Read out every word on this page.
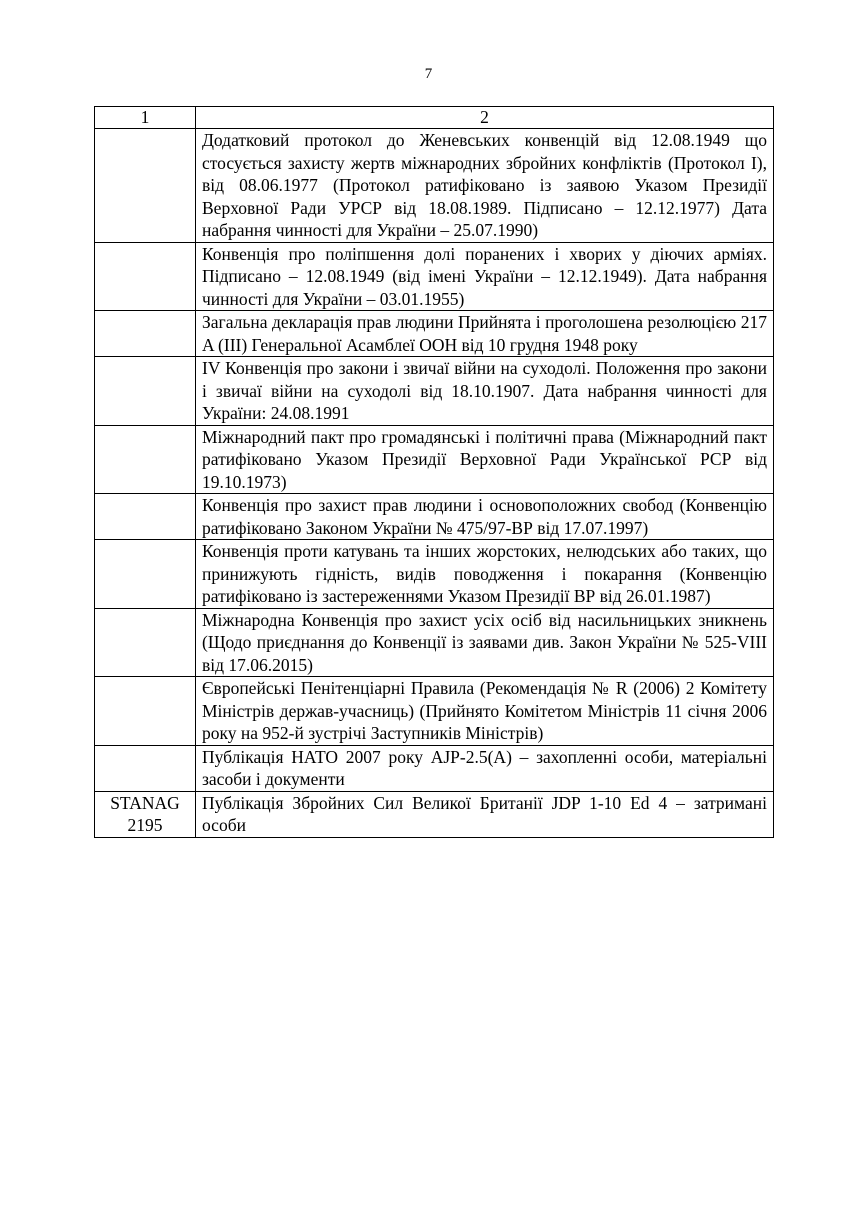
7
1	2
	Додатковий протокол до Женевських конвенцій від 12.08.1949 що стосується захисту жертв міжнародних збройних конфліктів (Протокол I), від 08.06.1977 (Протокол ратифіковано із заявою Указом Президії Верховної Ради УРСР від 18.08.1989. Підписано – 12.12.1977) Дата набрання чинності для України – 25.07.1990)
	Конвенція про поліпшення долі поранених і хворих у діючих арміях. Підписано – 12.08.1949 (від імені України – 12.12.1949). Дата набрання чинності для України – 03.01.1955)
	Загальна декларація прав людини Прийнята і проголошена резолюцією 217 A (III) Генеральної Асамблеї ООН від 10 грудня 1948 року
	IV Конвенція про закони і звичаї війни на суходолі. Положення про закони і звичаї війни на суходолі від 18.10.1907. Дата набрання чинності для України: 24.08.1991
	Міжнародний пакт про громадянські і політичні права (Міжнародний пакт ратифіковано Указом Президії Верховної Ради Української РСР від 19.10.1973)
	Конвенція про захист прав людини і основоположних свобод (Конвенцію ратифіковано Законом України № 475/97-ВР від 17.07.1997)
	Конвенція проти катувань та інших жорстоких, нелюдських або таких, що принижують гідність, видів поводження і покарання (Конвенцію ратифіковано із застереженнями Указом Президії ВР від 26.01.1987)
	Міжнародна Конвенція про захист усіх осіб від насильницьких зникнень (Щодо приєднання до Конвенції із заявами див. Закон України № 525-VIII від 17.06.2015)
	Європейські Пенітенціарні Правила (Рекомендація № R (2006) 2 Комітету Міністрів держав-учасниць) (Прийнято Комітетом Міністрів 11 січня 2006 року на 952-й зустрічі Заступників Міністрів)
	Публікація НАТО 2007 року AJP-2.5(A) – захопленні особи, матеріальні засоби і документи
STANAG 2195	Публікація Збройних Сил Великої Британії JDP 1-10 Ed 4 – затримані особи
